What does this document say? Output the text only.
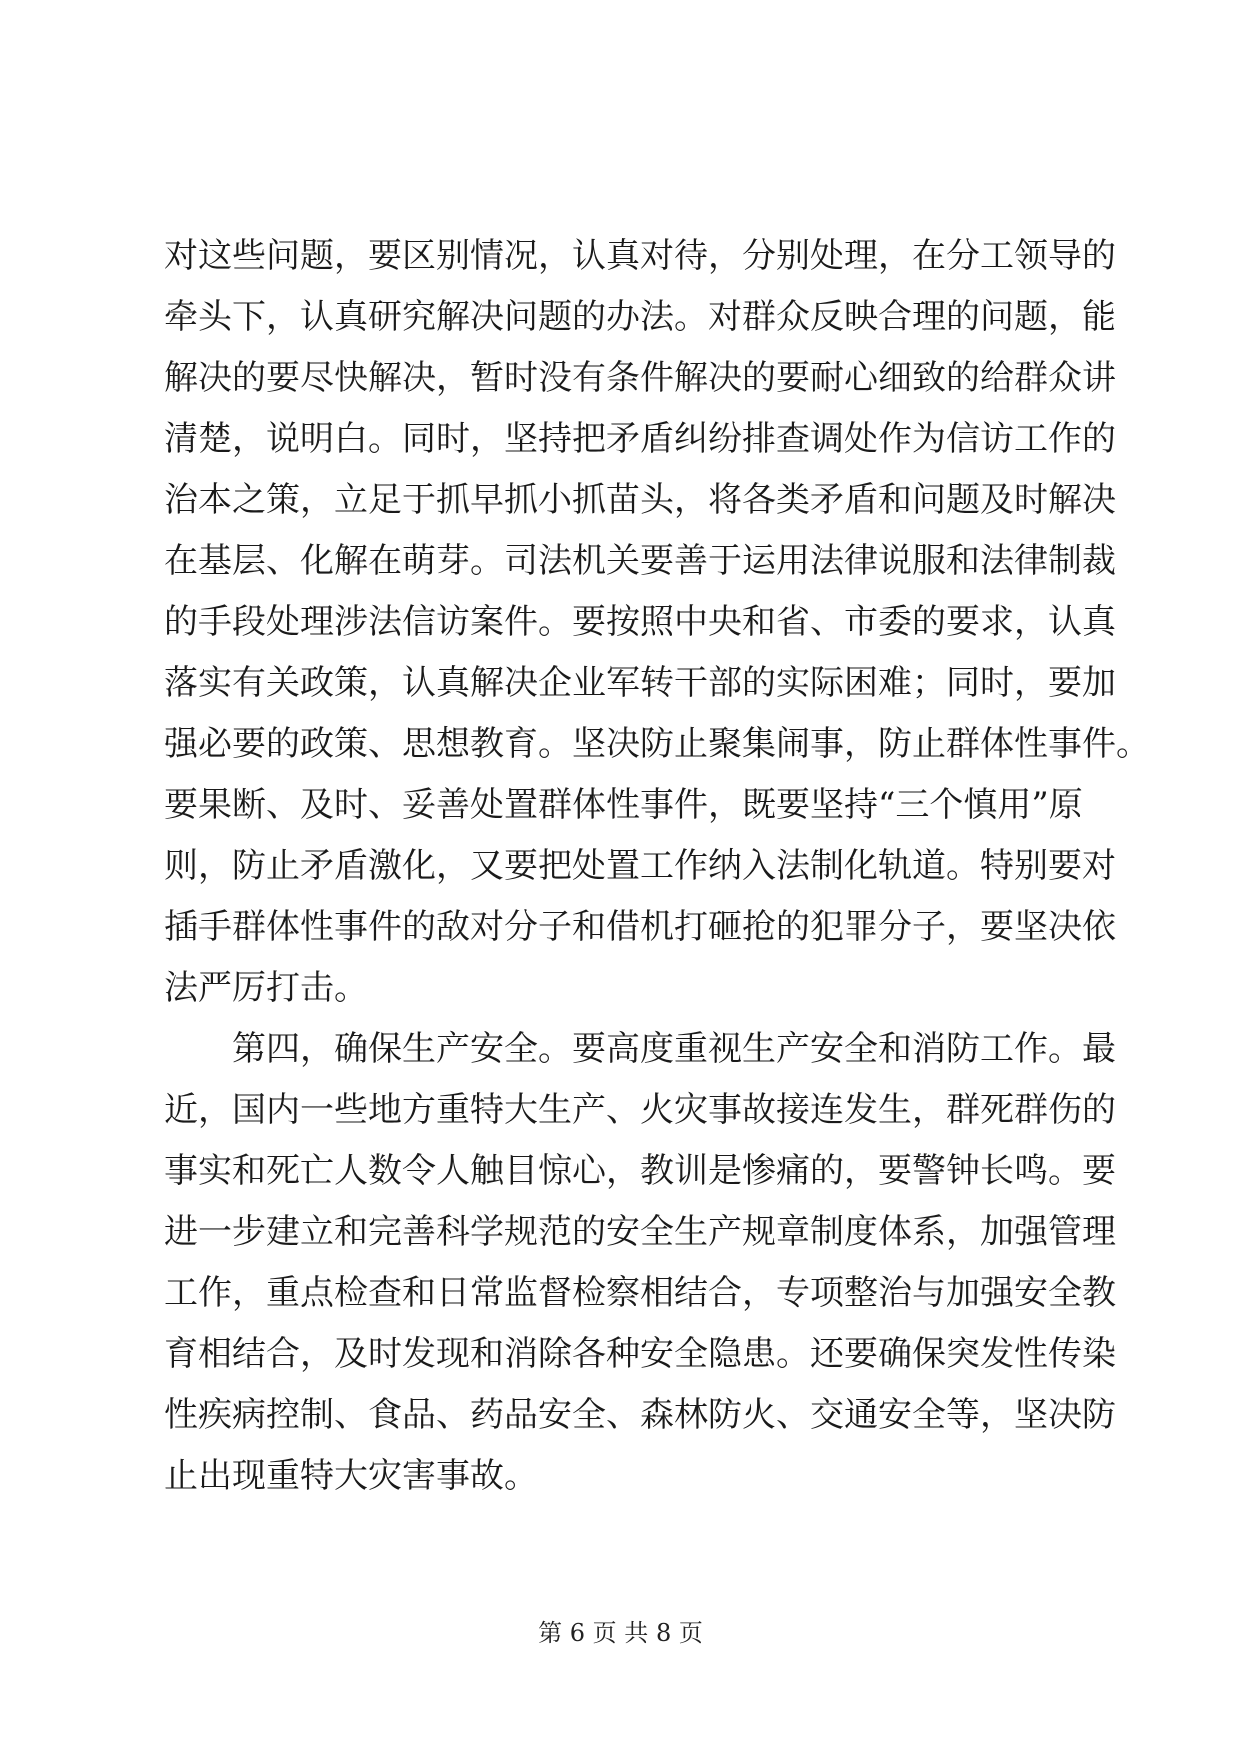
对这些问题，要区别情况，认真对待，分别处理，在分工领导的
牵头下，认真研究解决问题的办法。对群众反映合理的问题，能
解决的要尽快解决，暂时没有条件解决的要耐心细致的给群众讲
清楚，说明白。同时，坚持把矛盾纠纷排查调处作为信访工作的
治本之策，立足于抓早抓小抓苗头，将各类矛盾和问题及时解决
在基层、化解在萌芽。司法机关要善于运用法律说服和法律制裁
的手段处理涉法信访案件。要按照中央和省、市委的要求，认真
落实有关政策，认真解决企业军转干部的实际困难；同时，要加
强必要的政策、思想教育。坚决防止聚集闹事，防止群体性事件。
要果断、及时、妥善处置群体性事件，既要坚持“三个慎用”原
则，防止矛盾激化，又要把处置工作纳入法制化轨道。特别要对
插手群体性事件的敌对分子和借机打砸抢的犯罪分子，要坚决依
法严厉打击。
第四，确保生产安全。要高度重视生产安全和消防工作。最
近，国内一些地方重特大生产、火灾事故接连发生，群死群伤的
事实和死亡人数令人触目惊心，教训是惨痛的，要警钟长鸣。要
进一步建立和完善科学规范的安全生产规章制度体系，加强管理
工作，重点检查和日常监督检察相结合，专项整治与加强安全教
育相结合，及时发现和消除各种安全隐患。还要确保突发性传染
性疾病控制、食品、药品安全、森林防火、交通安全等，坚决防
止出现重特大灾害事故。
第 6 页 共 8 页
